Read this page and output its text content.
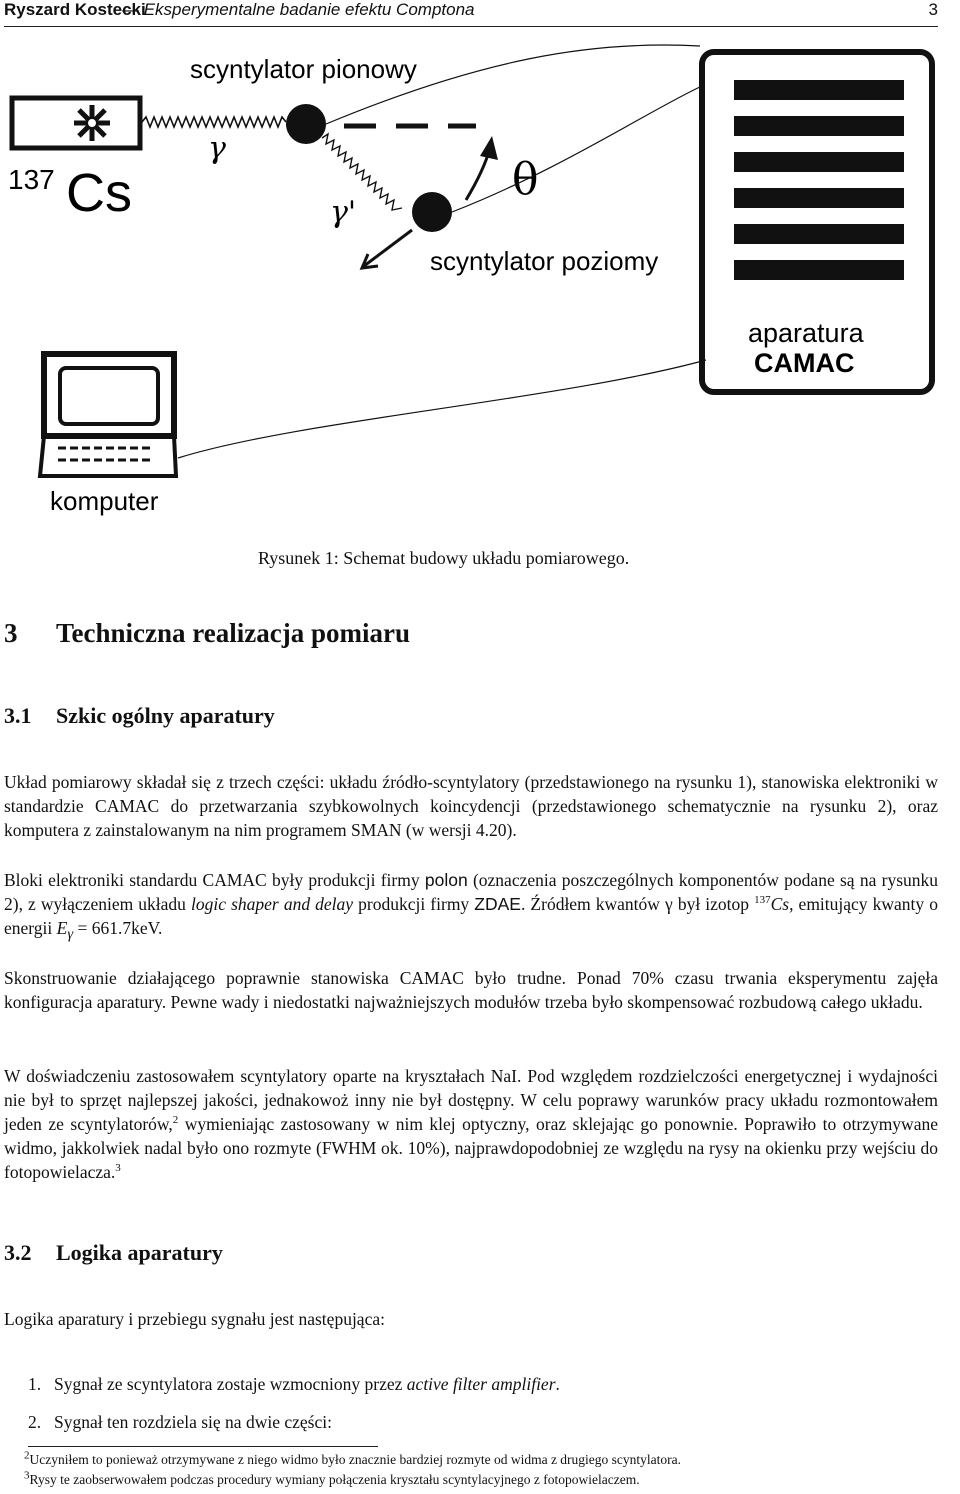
Ryszard Kostecki
— Eksperymentalne badanie efektu Comptona	3
137 Cs
γ
scyntylator pionowy
γ'
scyntylator poziomy
θ
aparatura
CAMAC
komputer
Rysunek 1: Schemat budowy układu pomiarowego.
3 Techniczna realizacja pomiaru
3.1 Szkic ogólny aparatury

Układ pomiarowy składał się z trzech części: układu źródło-scyntylatory (przedstawionego na rysunku 1), stanowiska elektroniki w standardzie CAMAC do przetwarzania szybkowolnych koincydencji (przedstawionego schematycznie na rysunku 2), oraz komputera z zainstalowanym na nim programem SMAN (w wersji 4.20).

Bloki elektroniki standardu CAMAC były produkcji firmy polon (oznaczenia poszczególnych komponentów podane są na rysunku 2), z wyłączeniem układu logic shaper and delay produkcji firmy ZDAE. Źródłem kwantów γ był izotop $^{137}$Cs, emitujący kwanty o energii $E_\gamma = 661.7keV$.

Skonstruowanie działającego poprawnie stanowiska CAMAC było trudne. Ponad 70% czasu trwania eksperymentu zajęła konfiguracja aparatury. Pewne wady i niedostatki najważniejszych modułów trzeba było skompensować rozbudową całego układu.

W doświadczeniu zastosowałem scyntylatory oparte na kryształach NaI. Pod względem rozdzielczości energetycznej i wydajności nie był to sprzęt najlepszej jakości, jednakowoż inny nie był dostępny. W celu poprawy warunków pracy układu rozmontowałem jeden ze scyntylatorów,$^2$ wymieniając zastosowany w nim klej optyczny, oraz sklejając go ponownie. Poprawiło to otrzymywane widmo, jakkolwiek nadal było ono rozmyte (FWHM ok. 10%), najprawdopodobniej ze względu na rysy na okienku przy wejściu do fotopowielacza.$^3$

3.2 Logika aparatury

Logika aparatury i przebiegu sygnału jest następująca:

1. Sygnał ze scyntylatora zostaje wzmocniony przez active filter amplifier.
2. Sygnał ten rozdziela się na dwie części:
$^2$Uczyniłem to ponieważ otrzymywane z niego widmo było znacznie bardziej rozmyte od widma z drugiego scyntylatora.
$^3$Rysy te zaobserwowałem podczas procedury wymiany połączenia kryształu scyntylacyjnego z fotopowielaczem.
